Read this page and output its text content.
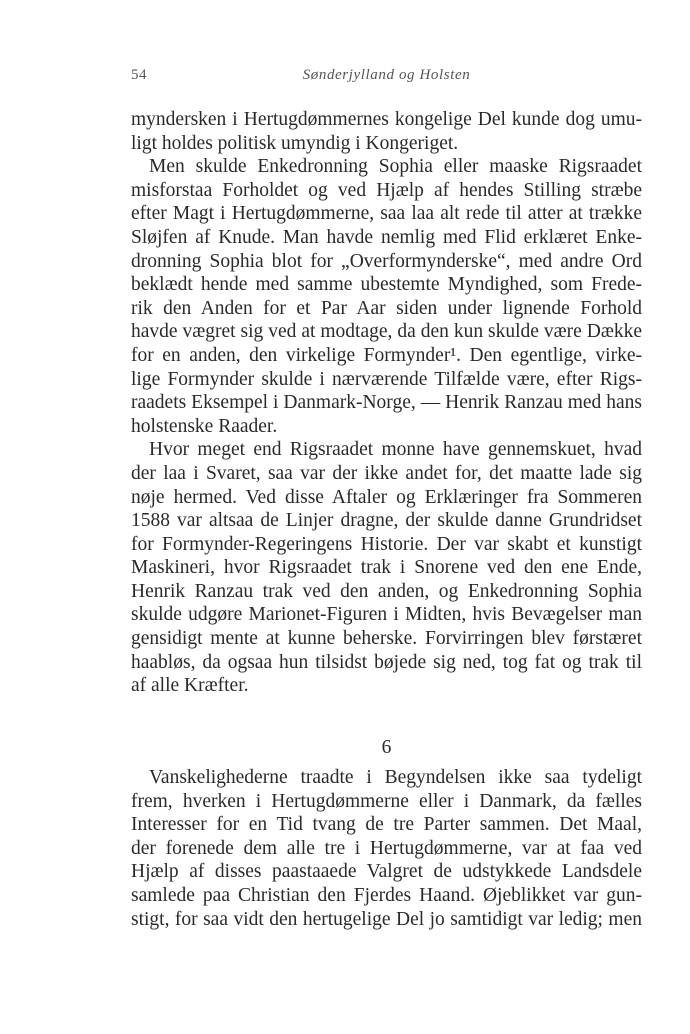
54	Sønderjylland og Holsten
myndersken i Hertugdømmernes kongelige Del kunde dog umu-
ligt holdes politisk umyndig i Kongeriget.
Men skulde Enkedronning Sophia eller maaske Rigsraadet
misforstaa Forholdet og ved Hjælp af hendes Stilling stræbe
efter Magt i Hertugdømmerne, saa laa alt rede til atter at trække
Sløjfen af Knude. Man havde nemlig med Flid erklæret Enke-
dronning Sophia blot for „Overformynderske“, med andre Ord
beklædt hende med samme ubestemte Myndighed, som Frede-
rik den Anden for et Par Aar siden under lignende Forhold
havde vægret sig ved at modtage, da den kun skulde være Dække
for en anden, den virkelige Formynder¹. Den egentlige, virke-
lige Formynder skulde i nærværende Tilfælde være, efter Rigs-
raadets Eksempel i Danmark-Norge, — Henrik Ranzau med hans
holstenske Raader.
Hvor meget end Rigsraadet monne have gennemskuet, hvad
der laa i Svaret, saa var der ikke andet for, det maatte lade sig
nøje hermed. Ved disse Aftaler og Erklæringer fra Sommeren
1588 var altsaa de Linjer dragne, der skulde danne Grundridset
for Formynder-Regeringens Historie. Der var skabt et kunstigt
Maskineri, hvor Rigsraadet trak i Snorene ved den ene Ende,
Henrik Ranzau trak ved den anden, og Enkedronning Sophia
skulde udgøre Marionet-Figuren i Midten, hvis Bevægelser man
gensidigt mente at kunne beherske. Forvirringen blev førstæret
haabløs, da ogsaa hun tilsidst bøjede sig ned, tog fat og trak til
af alle Kræfter.
6
Vanskelighederne traadte i Begyndelsen ikke saa tydeligt
frem, hverken i Hertugdømmerne eller i Danmark, da fælles
Interesser for en Tid tvang de tre Parter sammen. Det Maal,
der forenede dem alle tre i Hertugdømmerne, var at faa ved
Hjælp af disses paastaaede Valgret de udstykkede Landsdele
samlede paa Christian den Fjerdes Haand. Øjeblikket var gun-
stigt, for saa vidt den hertugelige Del jo samtidigt var ledig; men
